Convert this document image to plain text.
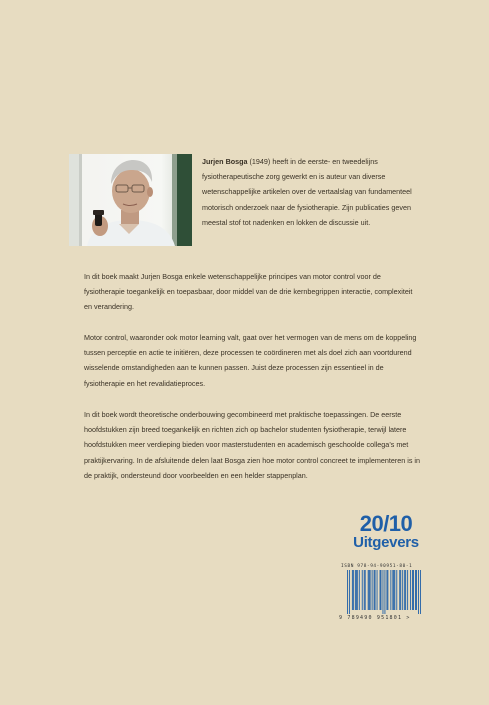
Jurjen Bosga (1949) heeft in de eerste- en tweedelijns fysiotherapeutische zorg gewerkt en is auteur van diverse wetenschappelijke artikelen over de vertaalslag van fundamenteel motorisch onderzoek naar de fysiotherapie. Zijn publicaties geven meestal stof tot nadenken en lokken de discussie uit.

In dit boek maakt Jurjen Bosga enkele wetenschappelijke principes van motor control voor de fysiotherapie toegankelijk en toepasbaar, door middel van de drie kernbegrippen interactie, complexiteit en verandering.

Motor control, waaronder ook motor learning valt, gaat over het vermogen van de mens om de koppeling tussen perceptie en actie te initiëren, deze processen te coördineren met als doel zich aan voortdurend wisselende omstandigheden aan te kunnen passen. Juist deze processen zijn essentieel in de fysiotherapie en het revalidatieproces.

In dit boek wordt theoretische onderbouwing gecombineerd met praktische toepassingen. De eerste hoofdstukken zijn breed toegankelijk en richten zich op bachelor studenten fysiotherapie, terwijl latere hoofdstukken meer verdieping bieden voor masterstudenten en academisch geschoolde collega’s met praktijkervaring. In de afsluitende delen laat Bosga zien hoe motor control concreet te implementeren is in de praktijk, ondersteund door voorbeelden en een helder stappenplan.

20/10
Uitgevers
ISBN 978-94-90951-80-1
9 789490 951801 >
